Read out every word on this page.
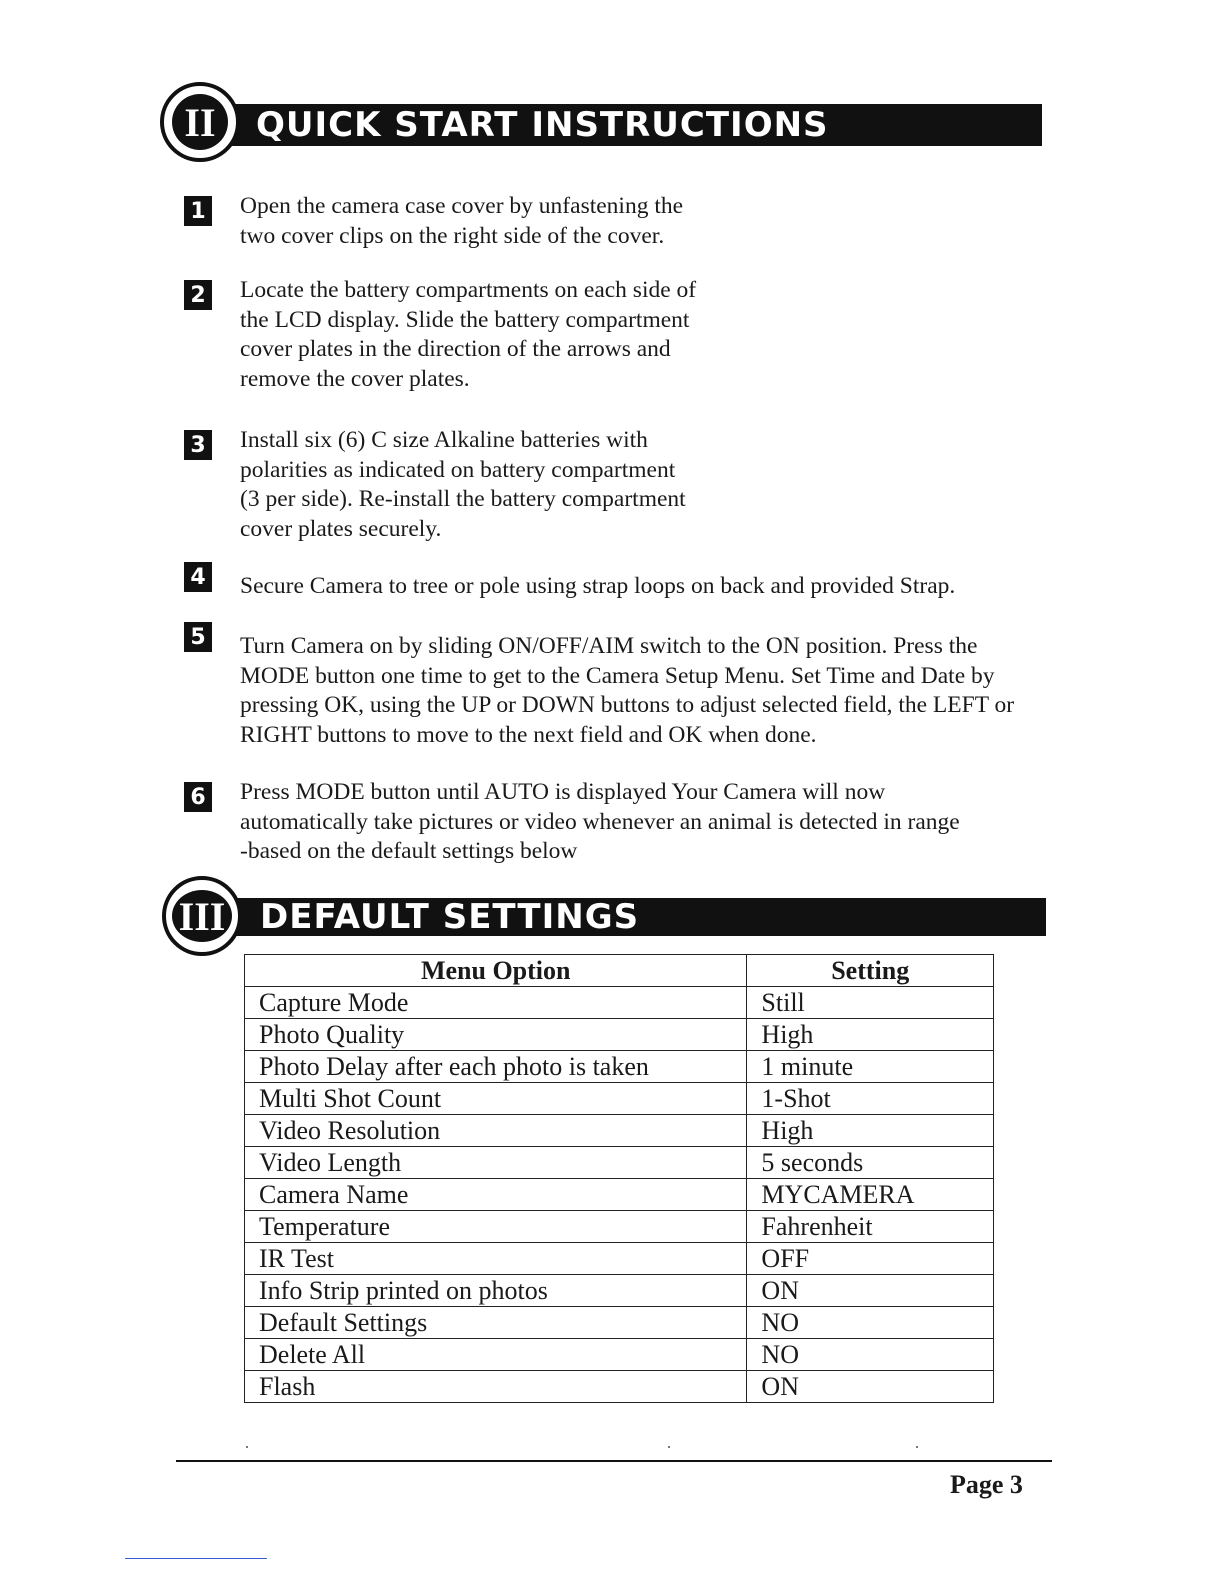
QUICK START INSTRUCTIONS
II
1 Open the camera case cover by unfastening the
two cover clips on the right side of the cover.
2 Locate the battery compartments on each side of
the LCD display. Slide the battery compartment
cover plates in the direction of the arrows and
remove the cover plates.
3 Install six (6) C size Alkaline batteries with
polarities as indicated on battery compartment
(3 per side). Re-install the battery compartment
cover plates securely.
4 Secure Camera to tree or pole using strap loops on back and provided Strap.
5 Turn Camera on by sliding ON/OFF/AIM switch to the ON position. Press the
MODE button one time to get to the Camera Setup Menu. Set Time and Date by
pressing OK, using the UP or DOWN buttons to adjust selected field, the LEFT or
RIGHT buttons to move to the next field and OK when done.
6 Press MODE button until AUTO is displayed Your Camera will now
automatically take pictures or video whenever an animal is detected in range
-based on the default settings below
DEFAULT SETTINGS
III
Menu Option	Setting
Capture Mode	Still
Photo Quality	High
Photo Delay after each photo is taken	1 minute
Multi Shot Count	1-Shot
Video Resolution	High
Video Length	5 seconds
Camera Name	MYCAMERA
Temperature	Fahrenheit
IR Test	OFF
Info Strip printed on photos	ON
Default Settings	NO
Delete All	NO
Flash	ON
Page 3
